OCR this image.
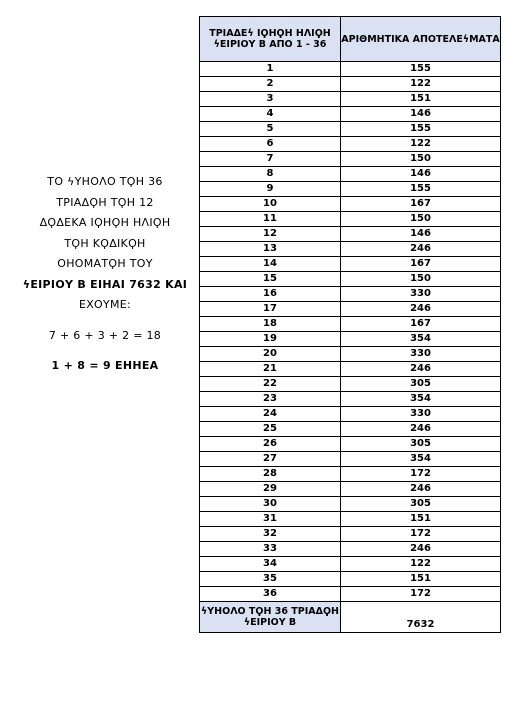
ΤΟ ϟΥΗΟΛΟ ΤϘΗ 36
ΤΡΙΑΔϘΗ ΤϘΗ 12
ΔϘΔΕΚΑ ΙϘΗϘΗ ΗΛΙϘΗ
ΤϘΗ ΚϘΔΙΚϘΗ
ΟΗΟΜΑΤϘΗ ΤΟΥ
ϟΕΙΡΙΟΥ Β ΕΙΗΑΙ 7632 ΚΑΙ
ΕΧΟΥΜΕ:
7 + 6 + 3 + 2 = 18
1 + 8 = 9 ΕΗΗΕΑ
ΤΡΙΑΔΕϟ ΙϘΗϘΗ ΗΛΙϘΗ ϟΕΙΡΙΟΥ Β ΑΠΟ 1 - 36	ΑΡΙΘΜΗΤΙΚΑ ΑΠΟΤΕΛΕϟΜΑΤΑ
1	155
2	122
3	151
4	146
5	155
6	122
7	150
8	146
9	155
10	167
11	150
12	146
13	246
14	167
15	150
16	330
17	246
18	167
19	354
20	330
21	246
22	305
23	354
24	330
25	246
26	305
27	354
28	172
29	246
30	305
31	151
32	172
33	246
34	122
35	151
36	172
ϟΥΗΟΛΟ ΤϘΗ 36 ΤΡΙΑΔϘΗ ϟΕΙΡΙΟΥ Β	7632
